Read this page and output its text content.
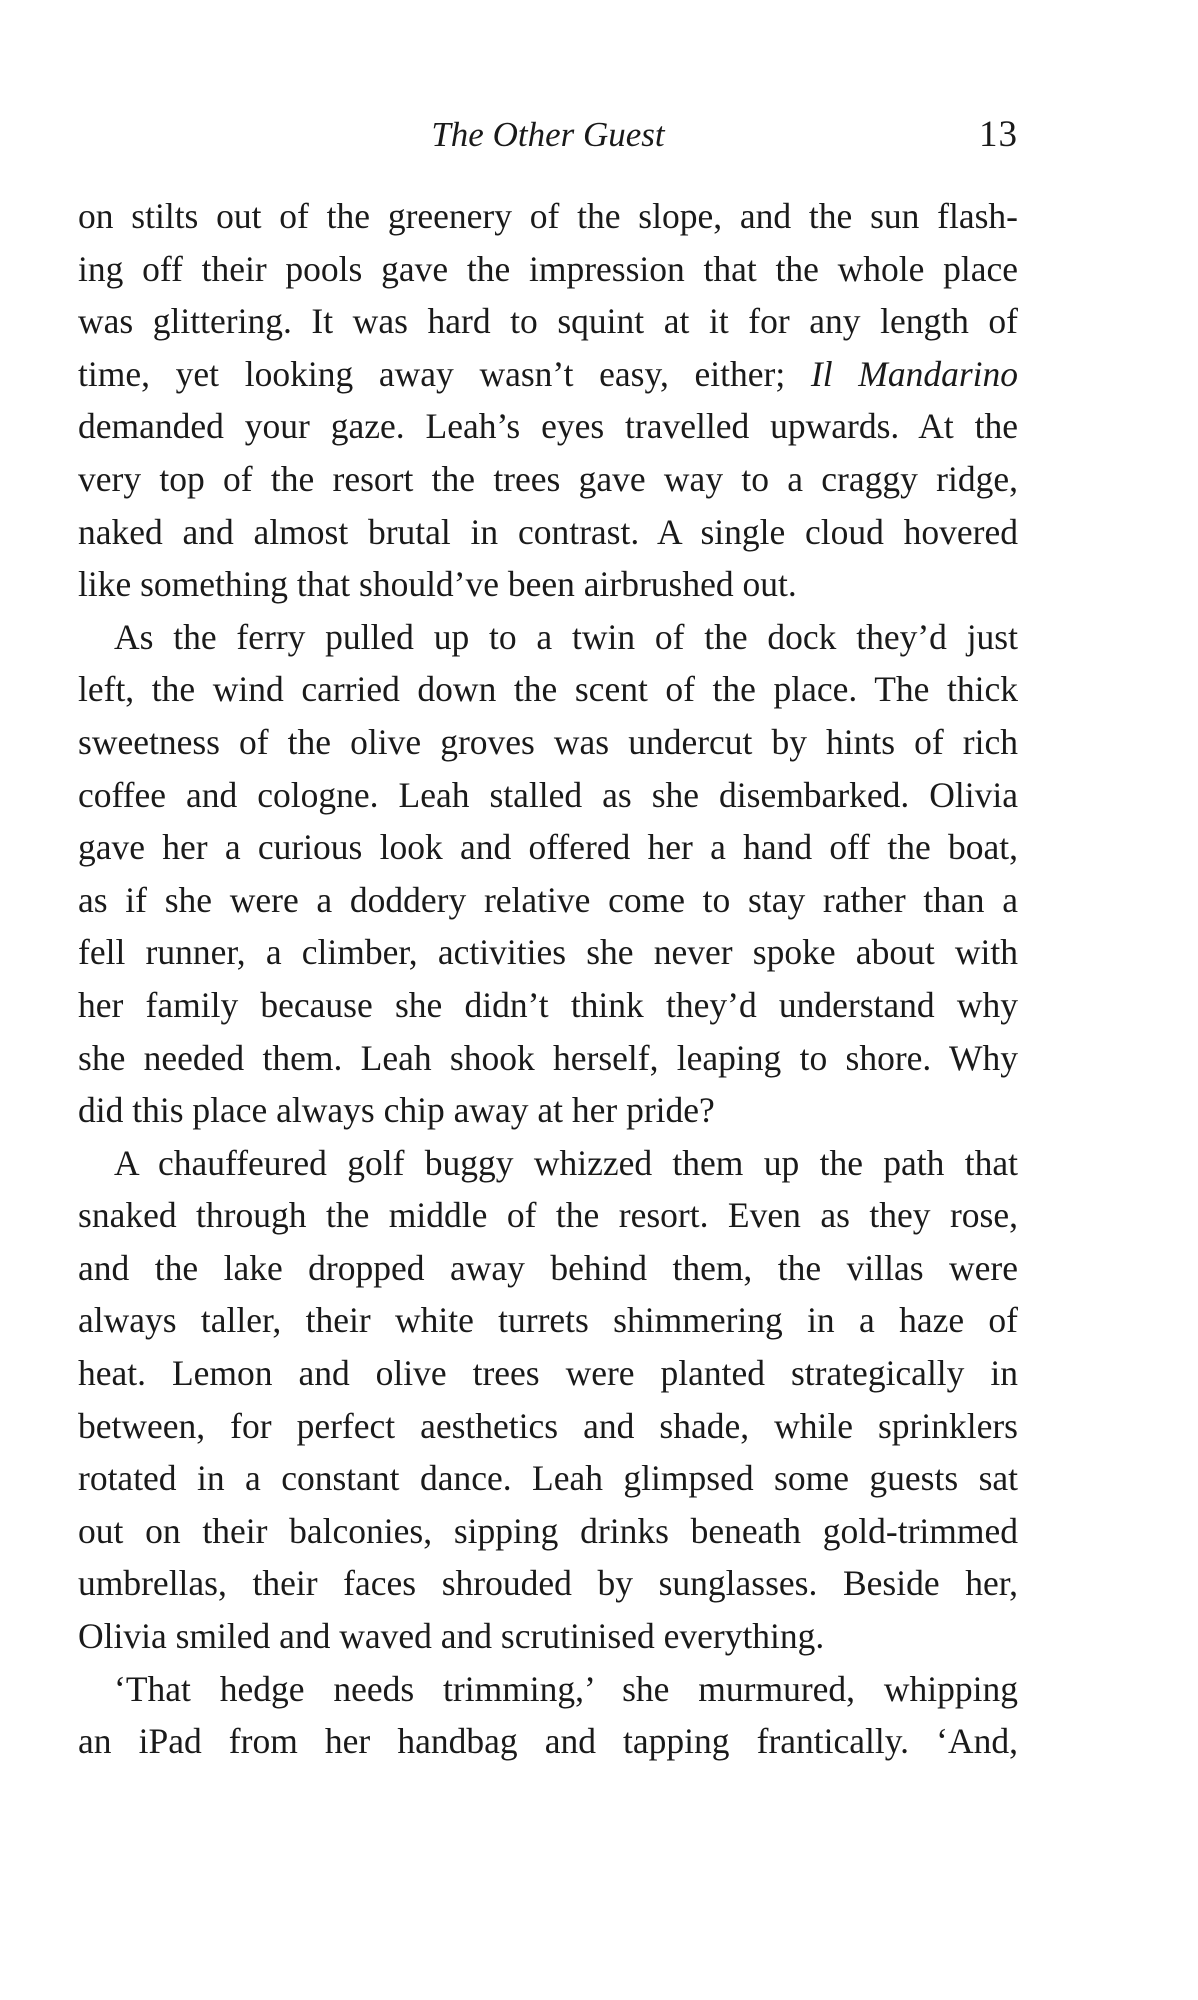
The Other Guest	13
on stilts out of the greenery of the slope, and the sun flash-
ing off their pools gave the impression that the whole place
was glittering. It was hard to squint at it for any length of
time, yet looking away wasn’t easy, either; Il Mandarino
demanded your gaze. Leah’s eyes travelled upwards. At the
very top of the resort the trees gave way to a craggy ridge,
naked and almost brutal in contrast. A single cloud hovered
like something that should’ve been airbrushed out.
As the ferry pulled up to a twin of the dock they’d just
left, the wind carried down the scent of the place. The thick
sweetness of the olive groves was undercut by hints of rich
coffee and cologne. Leah stalled as she disembarked. Olivia
gave her a curious look and offered her a hand off the boat,
as if she were a doddery relative come to stay rather than a
fell runner, a climber, activities she never spoke about with
her family because she didn’t think they’d understand why
she needed them. Leah shook herself, leaping to shore. Why
did this place always chip away at her pride?
A chauffeured golf buggy whizzed them up the path that
snaked through the middle of the resort. Even as they rose,
and the lake dropped away behind them, the villas were
always taller, their white turrets shimmering in a haze of
heat. Lemon and olive trees were planted strategically in
between, for perfect aesthetics and shade, while sprinklers
rotated in a constant dance. Leah glimpsed some guests sat
out on their balconies, sipping drinks beneath gold-trimmed
umbrellas, their faces shrouded by sunglasses. Beside her,
Olivia smiled and waved and scrutinised everything.
‘That hedge needs trimming,’ she murmured, whipping
an iPad from her handbag and tapping frantically. ‘And,
